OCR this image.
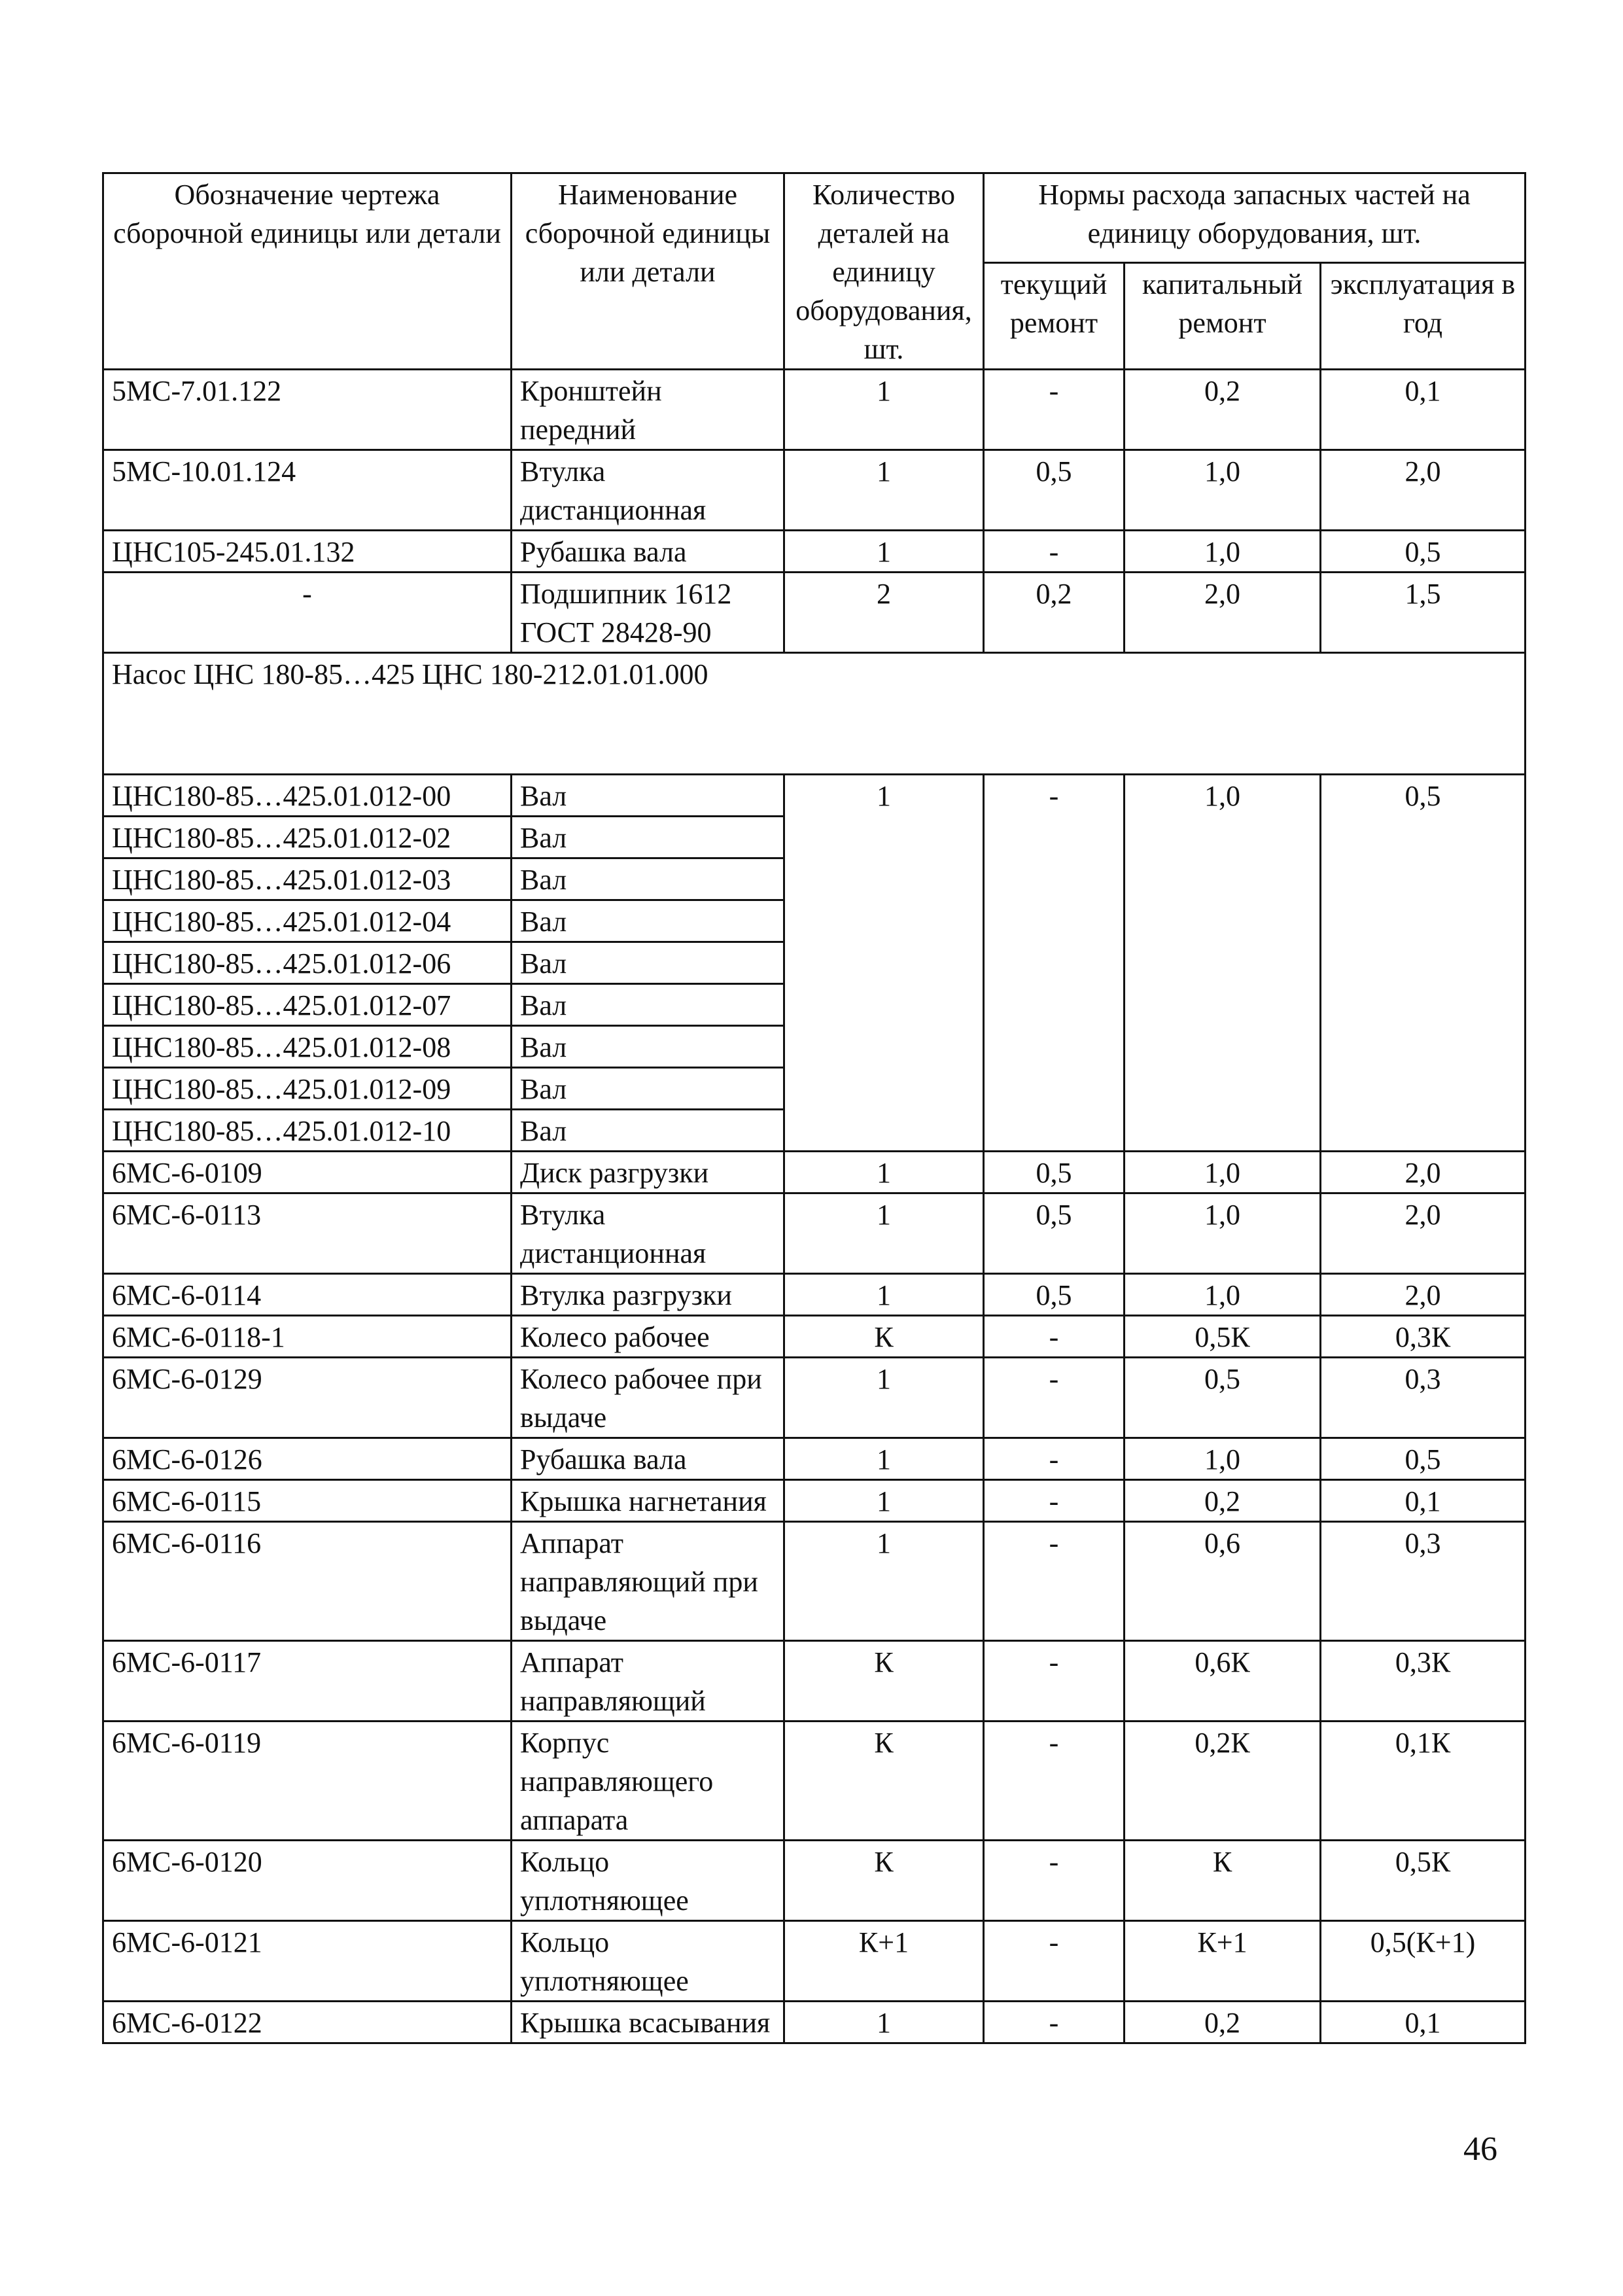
Обозначение чертежа сборочной единицы или детали	Наименование сборочной единицы или детали	Количество деталей на единицу оборудования, шт.	Нормы расхода запасных частей на единицу оборудования, шт.		
			текущий ремонт	капитальный ремонт	эксплуатация в год
5МС-7.01.122	Кронштейн передний	1	-	0,2	0,1
5МС-10.01.124	Втулка дистанционная	1	0,5	1,0	2,0
ЦНС105-245.01.132	Рубашка вала	1	-	1,0	0,5
-	Подшипник 1612 ГОСТ 28428-90	2	0,2	2,0	1,5
Насос ЦНС 180-85…425 ЦНС 180-212.01.01.000					
ЦНС180-85…425.01.012-00	Вал	1	-	1,0	0,5
ЦНС180-85…425.01.012-02	Вал				
ЦНС180-85…425.01.012-03	Вал				
ЦНС180-85…425.01.012-04	Вал				
ЦНС180-85…425.01.012-06	Вал				
ЦНС180-85…425.01.012-07	Вал				
ЦНС180-85…425.01.012-08	Вал				
ЦНС180-85…425.01.012-09	Вал				
ЦНС180-85…425.01.012-10	Вал				
6МС-6-0109	Диск разгрузки	1	0,5	1,0	2,0
6МС-6-0113	Втулка дистанционная	1	0,5	1,0	2,0
6МС-6-0114	Втулка разгрузки	1	0,5	1,0	2,0
6МС-6-0118-1	Колесо рабочее	К	-	0,5К	0,3К
6МС-6-0129	Колесо рабочее при выдаче	1	-	0,5	0,3
6МС-6-0126	Рубашка вала	1	-	1,0	0,5
6МС-6-0115	Крышка нагнетания	1	-	0,2	0,1
6МС-6-0116	Аппарат направляющий при выдаче	1	-	0,6	0,3
6МС-6-0117	Аппарат направляющий	К	-	0,6К	0,3К
6МС-6-0119	Корпус направляющего аппарата	К	-	0,2К	0,1К
6МС-6-0120	Кольцо уплотняющее	К	-	К	0,5К
6МС-6-0121	Кольцо уплотняющее	К+1	-	К+1	0,5(К+1)
6МС-6-0122	Крышка всасывания	1	-	0,2	0,1
46
